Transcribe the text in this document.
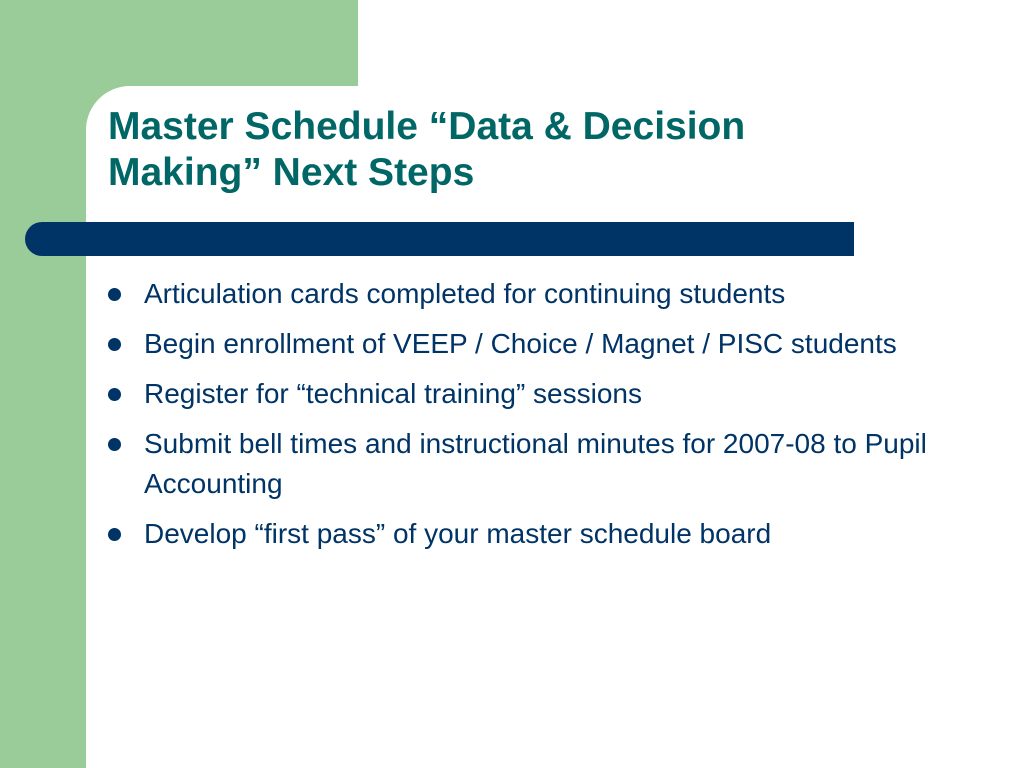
Master Schedule “Data & Decision Making” Next Steps
Articulation cards completed for continuing students
Begin enrollment of VEEP / Choice / Magnet / PISC students
Register for “technical training” sessions
Submit bell times and instructional minutes for 2007-08 to Pupil Accounting
Develop “first pass” of your master schedule board
